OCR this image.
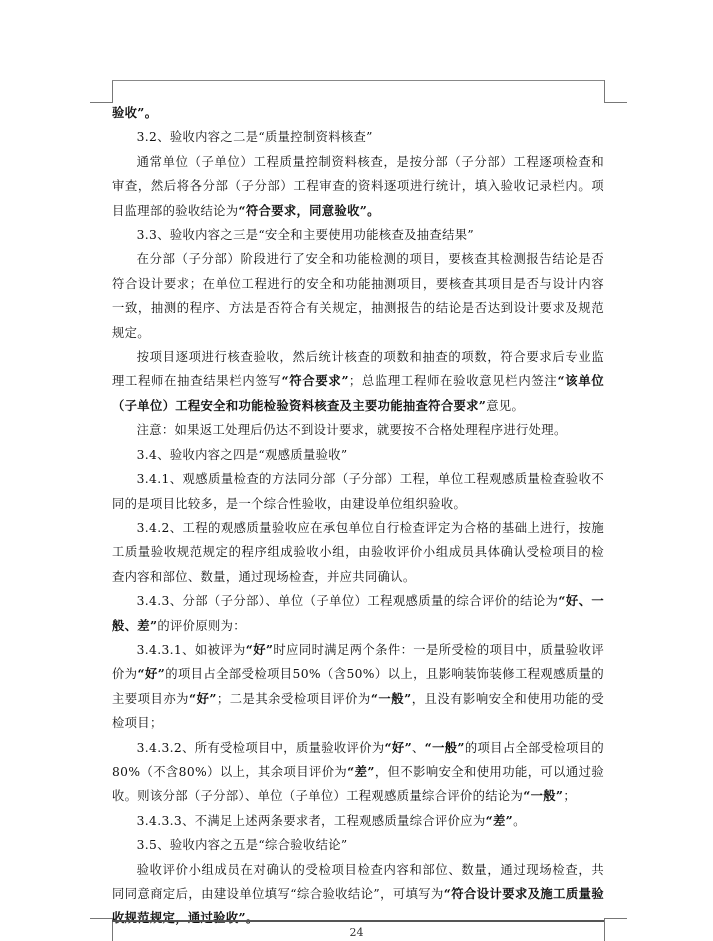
验收”。

3.2、验收内容之二是“质量控制资料核查”

通常单位（子单位）工程质量控制资料核查，是按分部（子分部）工程逐项检查和审查，然后将各分部（子分部）工程审查的资料逐项进行统计，填入验收记录栏内。项目监理部的验收结论为“符合要求，同意验收”。

3.3、验收内容之三是“安全和主要使用功能核查及抽查结果”

在分部（子分部）阶段进行了安全和功能检测的项目，要核查其检测报告结论是否符合设计要求；在单位工程进行的安全和功能抽测项目，要核查其项目是否与设计内容一致，抽测的程序、方法是否符合有关规定，抽测报告的结论是否达到设计要求及规范规定。

按项目逐项进行核查验收，然后统计核查的项数和抽查的项数，符合要求后专业监理工程师在抽查结果栏内签写“符合要求”；总监理工程师在验收意见栏内签注“该单位（子单位）工程安全和功能检验资料核查及主要功能抽查符合要求”意见。

注意：如果返工处理后仍达不到设计要求，就要按不合格处理程序进行处理。

3.4、验收内容之四是“观感质量验收”

3.4.1、观感质量检查的方法同分部（子分部）工程，单位工程观感质量检查验收不同的是项目比较多，是一个综合性验收，由建设单位组织验收。

3.4.2、工程的观感质量验收应在承包单位自行检查评定为合格的基础上进行，按施工质量验收规范规定的程序组成验收小组，由验收评价小组成员具体确认受检项目的检查内容和部位、数量，通过现场检查，并应共同确认。

3.4.3、分部（子分部）、单位（子单位）工程观感质量的综合评价的结论为“好、一般、差”的评价原则为：

3.4.3.1、如被评为“好”时应同时满足两个条件：一是所受检的项目中，质量验收评价为“好”的项目占全部受检项目50%（含50%）以上，且影响装饰装修工程观感质量的主要项目亦为“好”；二是其余受检项目评价为“一般”，且没有影响安全和使用功能的受检项目；

3.4.3.2、所有受检项目中，质量验收评价为“好”、“一般”的项目占全部受检项目的80%（不含80%）以上，其余项目评价为“差”，但不影响安全和使用功能，可以通过验收。则该分部（子分部）、单位（子单位）工程观感质量综合评价的结论为“一般”；

3.4.3.3、不满足上述两条要求者，工程观感质量综合评价应为“差”。

3.5、验收内容之五是“综合验收结论”

验收评价小组成员在对确认的受检项目检查内容和部位、数量，通过现场检查，共同同意商定后，由建设单位填写“综合验收结论”，可填写为“符合设计要求及施工质量验收规范规定，通过验收”。

24
